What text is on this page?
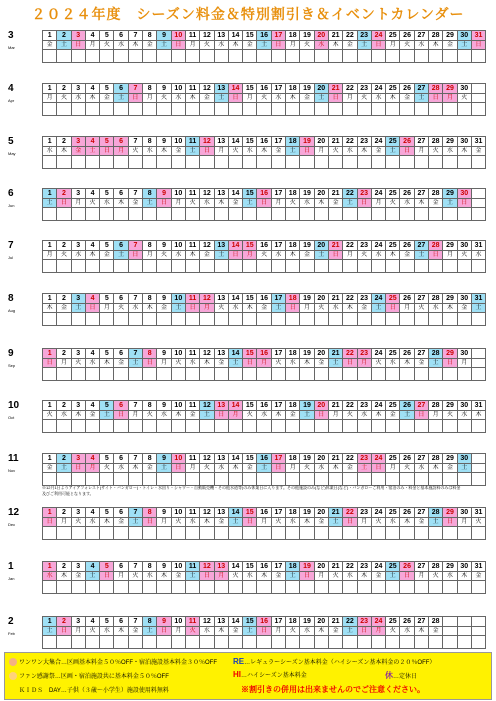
２０２４年度　シーズン料金＆特別割引き＆イベントカレンダー
3
Mar
1	2	3	4	5	6	7	8	9	10	11	12	13	14	15	16	17	18	19	20	21	22	23	24	25	26	27	28	29	30	31
金	土	日	月	火	水	木	金	土	日	月	火	水	木	金	土	日	月	火	水	木	金	土	日	月	火	水	木	金	土	日

4
Apr
1	2	3	4	5	6	7	8	9	10	11	12	13	14	15	16	17	18	19	20	21	22	23	24	25	26	27	28	29	30	
月	火	水	木	金	土	日	月	火	水	木	金	土	日	月	火	水	木	金	土	日	月	火	水	木	金	土	日	月	火	

5
May
1	2	3	4	5	6	7	8	9	10	11	12	13	14	15	16	17	18	19	20	21	22	23	24	25	26	27	28	29	30	31
水	木	金	土	日	月	火	水	木	金	土	日	月	火	水	木	金	土	日	月	火	水	木	金	土	日	月	火	水	木	金

6
Jun
1	2	3	4	5	6	7	8	9	10	11	12	13	14	15	16	17	18	19	20	21	22	23	24	25	26	27	28	29	30	
土	日	月	火	水	木	金	土	日	月	火	水	木	金	土	日	月	火	水	木	金	土	日	月	火	水	木	金	土	日	

7
Jul
1	2	3	4	5	6	7	8	9	10	11	12	13	14	15	16	17	18	19	20	21	22	23	24	25	26	27	28	29	30	31
月	火	水	木	金	土	日	月	火	水	木	金	土	日	月	火	水	木	金	土	日	月	火	水	木	金	土	日	月	火	水

8
Aug
1	2	3	4	5	6	7	8	9	10	11	12	13	14	15	16	17	18	19	20	21	22	23	24	25	26	27	28	29	30	31
木	金	土	日	月	火	水	木	金	土	日	月	火	水	木	金	土	日	月	火	水	木	金	土	日	月	火	水	木	金	土

9
Sep
1	2	3	4	5	6	7	8	9	10	11	12	13	14	15	16	17	18	19	20	21	22	23	24	25	26	27	28	29	30	
日	月	火	水	木	金	土	日	月	火	水	木	金	土	日	月	火	水	木	金	土	日	月	火	水	木	金	土	日	月	

10
Oct
1	2	3	4	5	6	7	8	9	10	11	12	13	14	15	16	17	18	19	20	21	22	23	24	25	26	27	28	29	30	31
火	水	木	金	土	日	月	火	水	木	金	土	日	月	火	水	木	金	土	日	月	火	水	木	金	土	日	月	火	水	木

11
Nov
1	2	3	4	5	6	7	8	9	10	11	12	13	14	15	16	17	18	19	20	21	22	23	24	25	26	27	28	29	30	
金	土	日	月	火	水	木	金	土	日	月	火	水	木	金	土	日	月	火	水	木	金	土	日	月	火	水	木	金	土	

※12月1日よりアイアフォレスト(サイト・バンガロー)・トイレ・水回り・シャワー・自動販売機・その他水道等)のみ休業日に入ります。その他施設のみ(など)休業日(など)・バンガローご利用・宿泊のみ・料金と基本施設料のみは料金及びご利用可能となります。
12
Dec
1	2	3	4	5	6	7	8	9	10	11	12	13	14	15	16	17	18	19	20	21	22	23	24	25	26	27	28	29	30	31
日	月	火	水	木	金	土	日	月	火	水	木	金	土	日	月	火	水	木	金	土	日	月	火	水	木	金	土	日	月	火

1
Jan
1	2	3	4	5	6	7	8	9	10	11	12	13	14	15	16	17	18	19	20	21	22	23	24	25	26	27	28	29	30	31
水	木	金	土	日	月	火	水	木	金	土	日	月	火	水	木	金	土	日	月	火	水	木	金	土	日	月	火	水	木	金

2
Feb
1	2	3	4	5	6	7	8	9	10	11	12	13	14	15	16	17	18	19	20	21	22	23	24	25	26	27	28			
土	日	月	火	水	木	金	土	日	月	火	水	木	金	土	日	月	火	水	木	金	土	日	月	火	水	木	金			

ワンワン大集合…区画基本料金５０％OFF・宿泊施設基本料金３０％OFF
ファン感謝祭…区画・宿泊施設共に基本料金５０％OFF
ＫＩＤＳ　DAY…子供（３歳〜小学生）施設使用料無料
RE…レギュラーシーズン基本料金（ハイシーズン基本料金の２０％OFF）
HI…ハイシーズン基本料金	休…定休日
※割引きの併用は出来ませんのでご注意ください。
